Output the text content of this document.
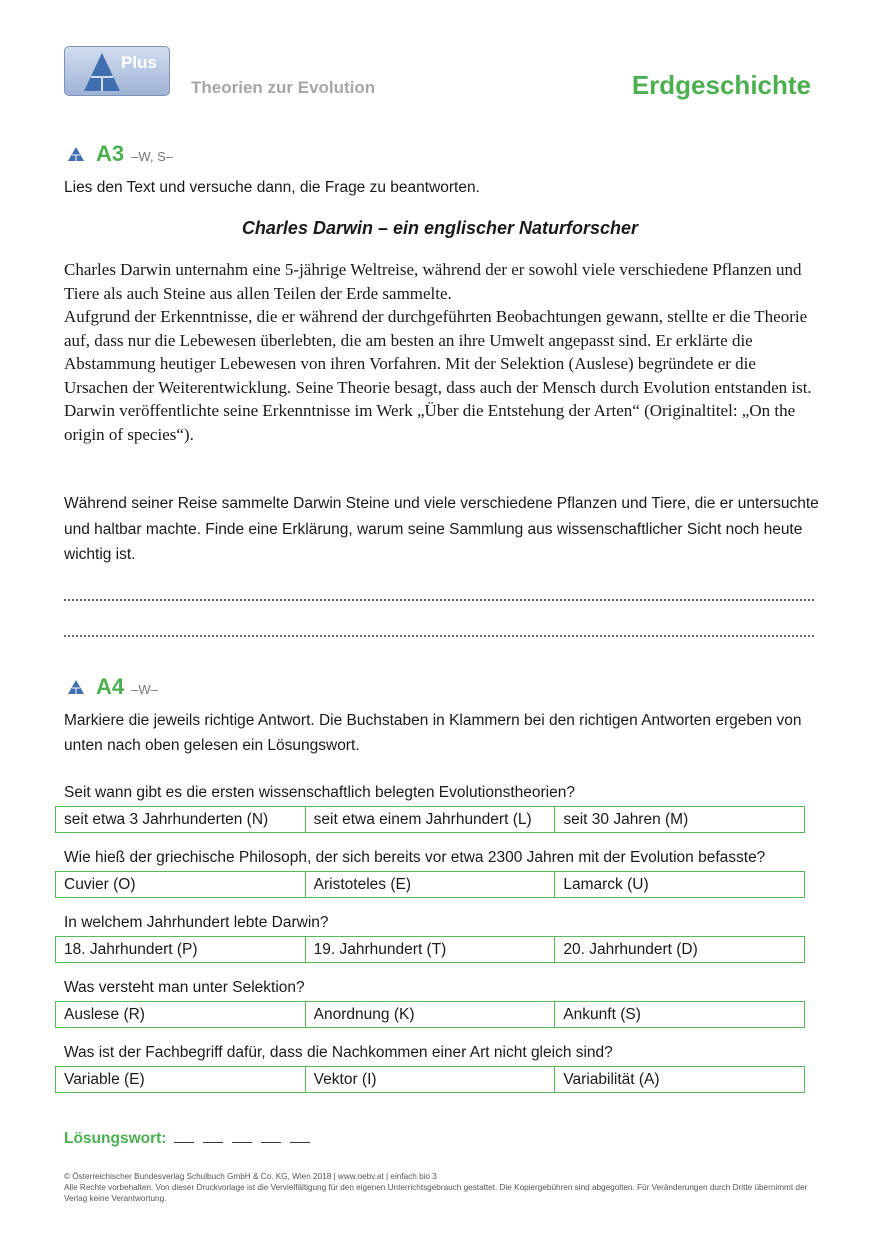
Plus
Theorien zur Evolution	Erdgeschichte
A3 –W, S–
Lies den Text und versuche dann, die Frage zu beantworten.
Charles Darwin – ein englischer Naturforscher

Charles Darwin unternahm eine 5-jährige Weltreise, während der er sowohl viele verschiedene Pflanzen und Tiere als auch Steine aus allen Teilen der Erde sammelte.

Aufgrund der Erkenntnisse, die er während der durchgeführten Beobachtungen gewann, stellte er die Theorie auf, dass nur die Lebewesen überlebten, die am besten an ihre Umwelt angepasst sind. Er erklärte die Abstammung heutiger Lebewesen von ihren Vorfahren. Mit der Selektion (Auslese) begründete er die Ursachen der Weiterentwicklung. Seine Theorie besagt, dass auch der Mensch durch Evolution entstanden ist.

Darwin veröffentlichte seine Erkenntnisse im Werk „Über die Entstehung der Arten“ (Originaltitel: „On the origin of species“).

Während seiner Reise sammelte Darwin Steine und viele verschiedene Pflanzen und Tiere, die er untersuchte und haltbar machte. Finde eine Erklärung, warum seine Sammlung aus wissenschaftlicher Sicht noch heute wichtig ist.
A4 –W–
Markiere die jeweils richtige Antwort. Die Buchstaben in Klammern bei den richtigen Antworten ergeben von unten nach oben gelesen ein Lösungswort.
Seit wann gibt es die ersten wissenschaftlich belegten Evolutionstheorien?
seit etwa 3 Jahrhunderten (N)	seit etwa einem Jahrhundert (L)	seit 30 Jahren (M)
Wie hieß der griechische Philosoph, der sich bereits vor etwa 2300 Jahren mit der Evolution befasste?
Cuvier (O)	Aristoteles (E)	Lamarck (U)
In welchem Jahrhundert lebte Darwin?
18. Jahrhundert (P)	19. Jahrhundert (T)	20. Jahrhundert (D)
Was versteht man unter Selektion?
Auslese (R)	Anordnung (K)	Ankunft (S)
Was ist der Fachbegriff dafür, dass die Nachkommen einer Art nicht gleich sind?
Variable (E)	Vektor (I)	Variabilität (A)
Lösungswort:
© Österreichischer Bundesverlag Schulbuch GmbH & Co. KG, Wien 2018 | www.oebv.at | einfach bio 3
Alle Rechte vorbehalten. Von dieser Druckvorlage ist die Vervielfältigung für den eigenen Unterrichtsgebrauch gestattet. Die Kopiergebühren sind abgegolten. Für Veränderungen durch Dritte übernimmt der Verlag keine Verantwortung.
